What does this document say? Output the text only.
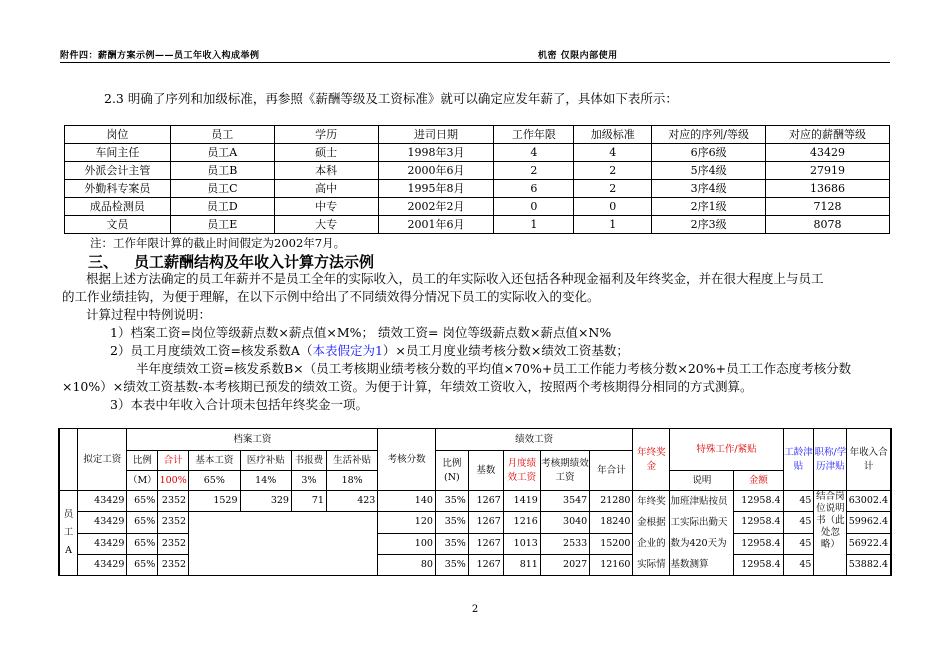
附件四：薪酬方案示例——员工年收入构成举例	机密 仅限内部使用
2.3 明确了序列和加级标准，再参照《薪酬等级及工资标准》就可以确定应发年薪了，具体如下表所示：
岗位	员工	学历	进司日期	工作年限	加级标准	对应的序列/等级	对应的薪酬等级
车间主任	员工A	硕士	1998年3月	4	4	6序6级	43429
外派会计主管	员工B	本科	2000年6月	2	2	5序4级	27919
外勤科专案员	员工C	高中	1995年8月	6	2	3序4级	13686
成品检测员	员工D	中专	2002年2月	0	0	2序1级	7128
文员	员工E	大专	2001年6月	1	1	2序3级	8078
注：工作年限计算的截止时间假定为2002年7月。
三、 员工薪酬结构及年收入计算方法示例
根据上述方法确定的员工年薪并不是员工全年的实际收入，员工的年实际收入还包括各种现金福利及年终奖金，并在很大程度上与员工
的工作业绩挂钩，为便于理解，在以下示例中给出了不同绩效得分情况下员工的实际收入的变化。
计算过程中特例说明：
1）档案工资=岗位等级薪点数×薪点值×M%； 绩效工资= 岗位等级薪点数×薪点值×N%
2）员工月度绩效工资=核发系数A（本表假定为1）×员工月度业绩考核分数×绩效工资基数；
半年度绩效工资=核发系数B×（员工考核期业绩考核分数的平均值×70%+员工工作能力考核分数×20%+员工工作态度考核分数
×10%）×绩效工资基数-本考核期已预发的绩效工资。为便于计算，年绩效工资收入，按照两个考核期得分相同的方式测算。
3）本表中年收入合计项未包括年终奖金一项。
	拟定工资	档案工资						考核分数	绩效工资					年终奖金	特殊工作/紧贴		工龄津贴	职称/学历津贴	年收入合计
		比例	合计	基本工资	医疗补贴	书报费	生活补贴		比例
(N)	基数	月度绩效工资	考核期绩效工资	年合计						
		（M）	100%	65%	14%	3%	18%								说明	金额			

员
工
A	43429	65%	2352	1529	329	71	423	140	35%	1267	1419	3547	21280	年终奖金根据企业的实际情	加班津贴按员工实际出勤天数为420天为基数测算	12958.4	45	结合岗位说明书（此处忽略）	63002.4
	43429	65%	2352					120	35%	1267	1216	3040	18240			12958.4	45		59962.4
	43429	65%	2352					100	35%	1267	1013	2533	15200			12958.4	45		56922.4
	43429	65%	2352					80	35%	1267	811	2027	12160			12958.4	45		53882.4
2
